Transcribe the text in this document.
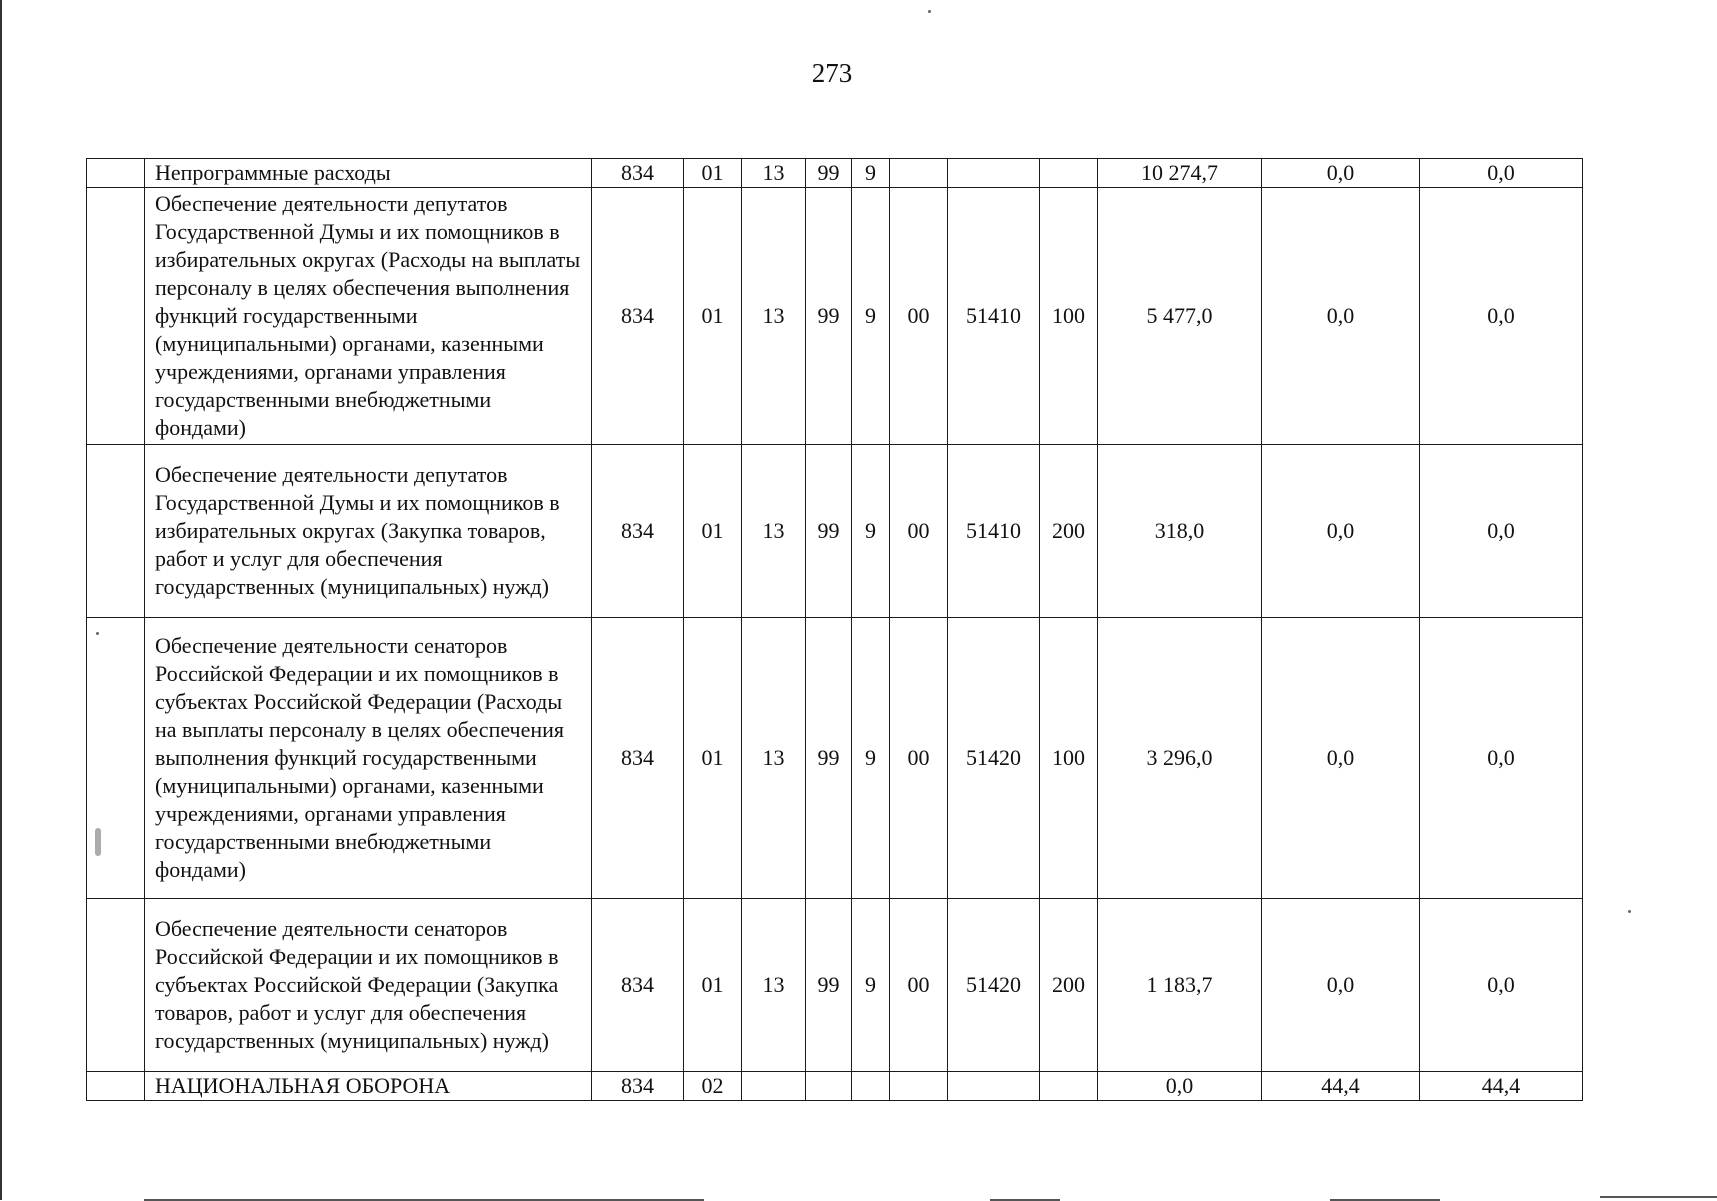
273
	Непрограммные расходы	834	01	13	99	9				10 274,7	0,0	0,0
	Обеспечение деятельности депутатов Государственной Думы и их помощников в избирательных округах (Расходы на выплаты персоналу в целях обеспечения выполнения функций государственными (муниципальными) органами, казенными учреждениями, органами управления государственными внебюджетными фондами)	834	01	13	99	9	00	51410	100	5 477,0	0,0	0,0
	Обеспечение деятельности депутатов Государственной Думы и их помощников в избирательных округах (Закупка товаров, работ и услуг для обеспечения государственных (муниципальных) нужд)	834	01	13	99	9	00	51410	200	318,0	0,0	0,0
	Обеспечение деятельности сенаторов Российской Федерации и их помощников в субъектах Российской Федерации (Расходы на выплаты персоналу в целях обеспечения выполнения функций государственными (муниципальными) органами, казенными учреждениями, органами управления государственными внебюджетными фондами)	834	01	13	99	9	00	51420	100	3 296,0	0,0	0,0
	Обеспечение деятельности сенаторов Российской Федерации и их помощников в субъектах Российской Федерации (Закупка товаров, работ и услуг для обеспечения государственных (муниципальных) нужд)	834	01	13	99	9	00	51420	200	1 183,7	0,0	0,0
	НАЦИОНАЛЬНАЯ ОБОРОНА	834	02							0,0	44,4	44,4
